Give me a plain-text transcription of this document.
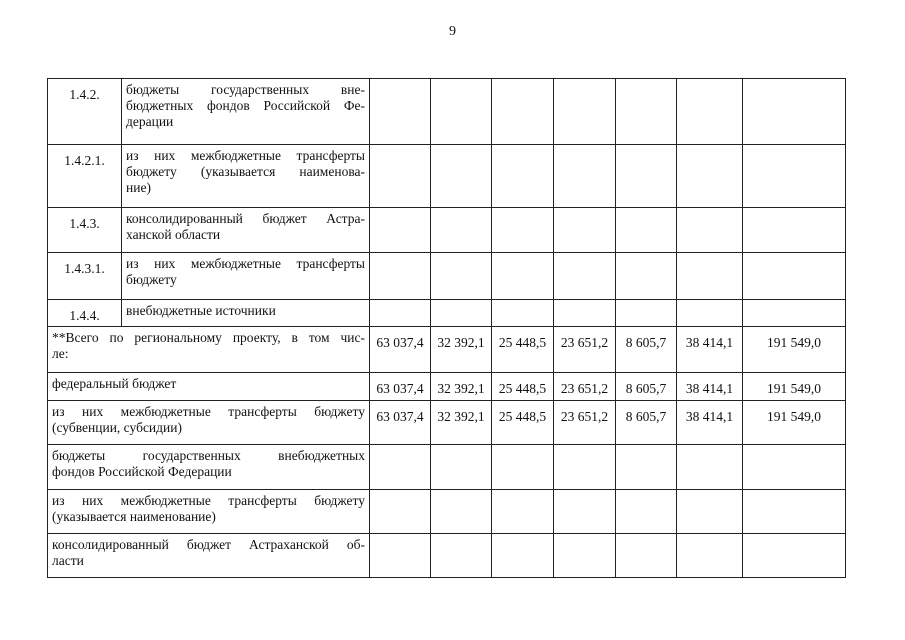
9
1.4.2.	бюджеты государственных вне-
бюджетных фондов Российской Фе-
дерации							

1.4.2.1.	из них межбюджетные трансферты
бюджету (указывается наименова-
ние)							

1.4.3.	консолидированный бюджет Астра-
ханской области							

1.4.3.1.	из них межбюджетные трансферты
бюджету							

1.4.4.	внебюджетные источники							

**Всего по региональному проекту, в том чис-
ле:		63 037,4	32 392,1	25 448,5	23 651,2	8 605,7	38 414,1	191 549,0

федеральный бюджет		63 037,4	32 392,1	25 448,5	23 651,2	8 605,7	38 414,1	191 549,0

из них межбюджетные трансферты бюджету
(субвенции, субсидии)		63 037,4	32 392,1	25 448,5	23 651,2	8 605,7	38 414,1	191 549,0

бюджеты государственных внебюджетных
фондов Российской Федерации								

из них межбюджетные трансферты бюджету
(указывается наименование)								

консолидированный бюджет Астраханской об-
ласти								
